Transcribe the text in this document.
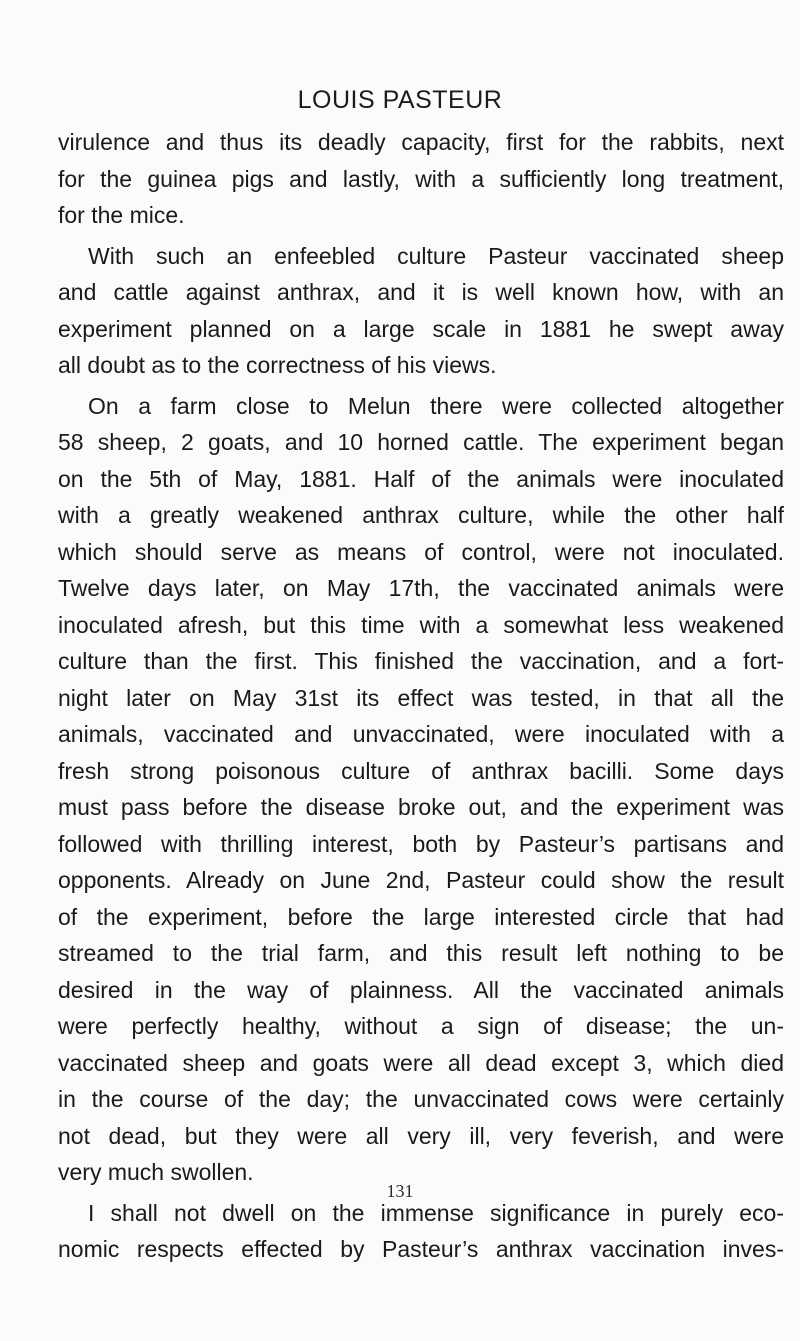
LOUIS PASTEUR
virulence and thus its deadly capacity, first for the rabbits, next
for the guinea pigs and lastly, with a sufficiently long treatment,
for the mice.
With such an enfeebled culture Pasteur vaccinated sheep
and cattle against anthrax, and it is well known how, with an
experiment planned on a large scale in 1881 he swept away
all doubt as to the correctness of his views.
On a farm close to Melun there were collected altogether
58 sheep, 2 goats, and 10 horned cattle. The experiment began
on the 5th of May, 1881. Half of the animals were inoculated
with a greatly weakened anthrax culture, while the other half
which should serve as means of control, were not inoculated.
Twelve days later, on May 17th, the vaccinated animals were
inoculated afresh, but this time with a somewhat less weakened
culture than the first. This finished the vaccination, and a fort-
night later on May 31st its effect was tested, in that all the
animals, vaccinated and unvaccinated, were inoculated with a
fresh strong poisonous culture of anthrax bacilli. Some days
must pass before the disease broke out, and the experiment was
followed with thrilling interest, both by Pasteur’s partisans and
opponents. Already on June 2nd, Pasteur could show the result
of the experiment, before the large interested circle that had
streamed to the trial farm, and this result left nothing to be
desired in the way of plainness. All the vaccinated animals
were perfectly healthy, without a sign of disease; the un-
vaccinated sheep and goats were all dead except 3, which died
in the course of the day; the unvaccinated cows were certainly
not dead, but they were all very ill, very feverish, and were
very much swollen.
I shall not dwell on the immense significance in purely eco-
nomic respects effected by Pasteur’s anthrax vaccination inves-
131
